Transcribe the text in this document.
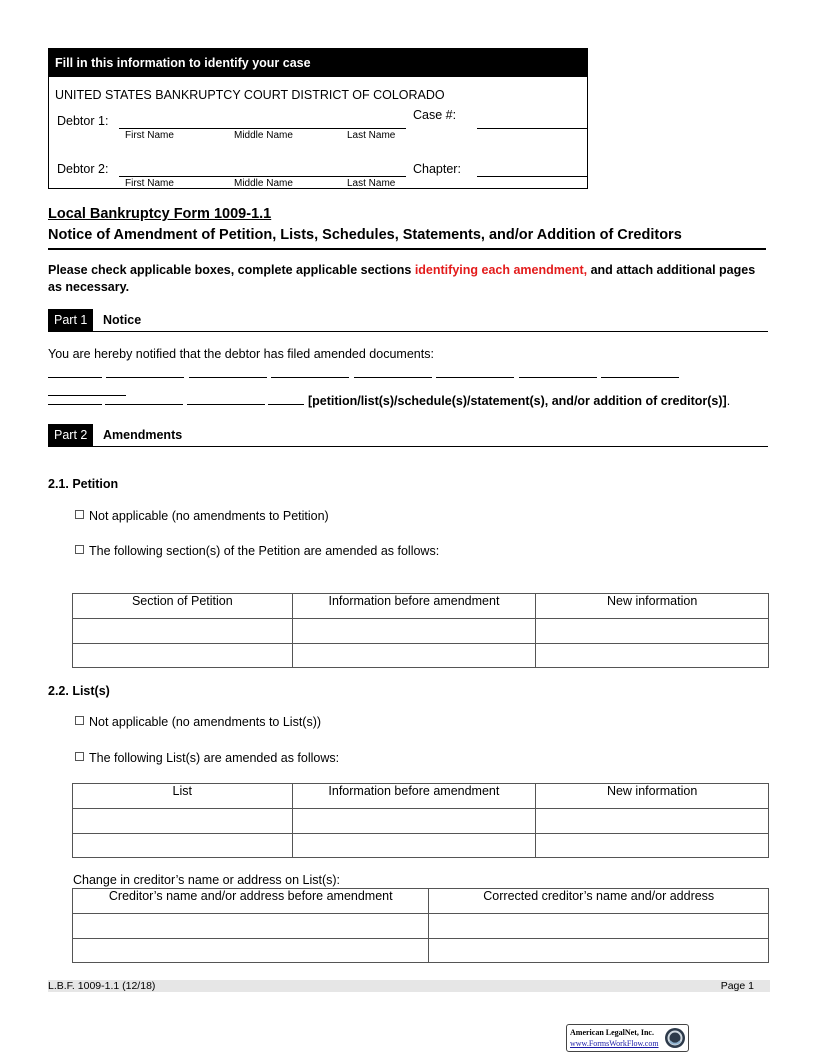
Fill in this information to identify your case
UNITED STATES BANKRUPTCY COURT DISTRICT OF COLORADO
Debtor 1:
First Name	Middle Name	Last Name
Case #:
Debtor 2:
First Name	Middle Name	Last Name
Chapter:
Local Bankruptcy Form 1009-1.1
Notice of Amendment of Petition, Lists, Schedules, Statements, and/or Addition of Creditors
Please check applicable boxes, complete applicable sections identifying each amendment, and attach additional pages as necessary.
Part 1	Notice
You are hereby notified that the debtor has filed amended documents:

[petition/list(s)/schedule(s)/statement(s), and/or addition of creditor(s)].
Part 2	Amendments
2.1. Petition
Not applicable (no amendments to Petition)
The following section(s) of the Petition are amended as follows:
Section of Petition	Information before amendment	New information

2.2. List(s)
Not applicable (no amendments to List(s))
The following List(s) are amended as follows:
List	Information before amendment	New information

Change in creditor’s name or address on List(s):
Creditor’s name and/or address before amendment	Corrected creditor’s name and/or address

L.B.F. 1009-1.1 (12/18)	Page 1
American LegalNet, Inc.
www.FormsWorkFlow.com
